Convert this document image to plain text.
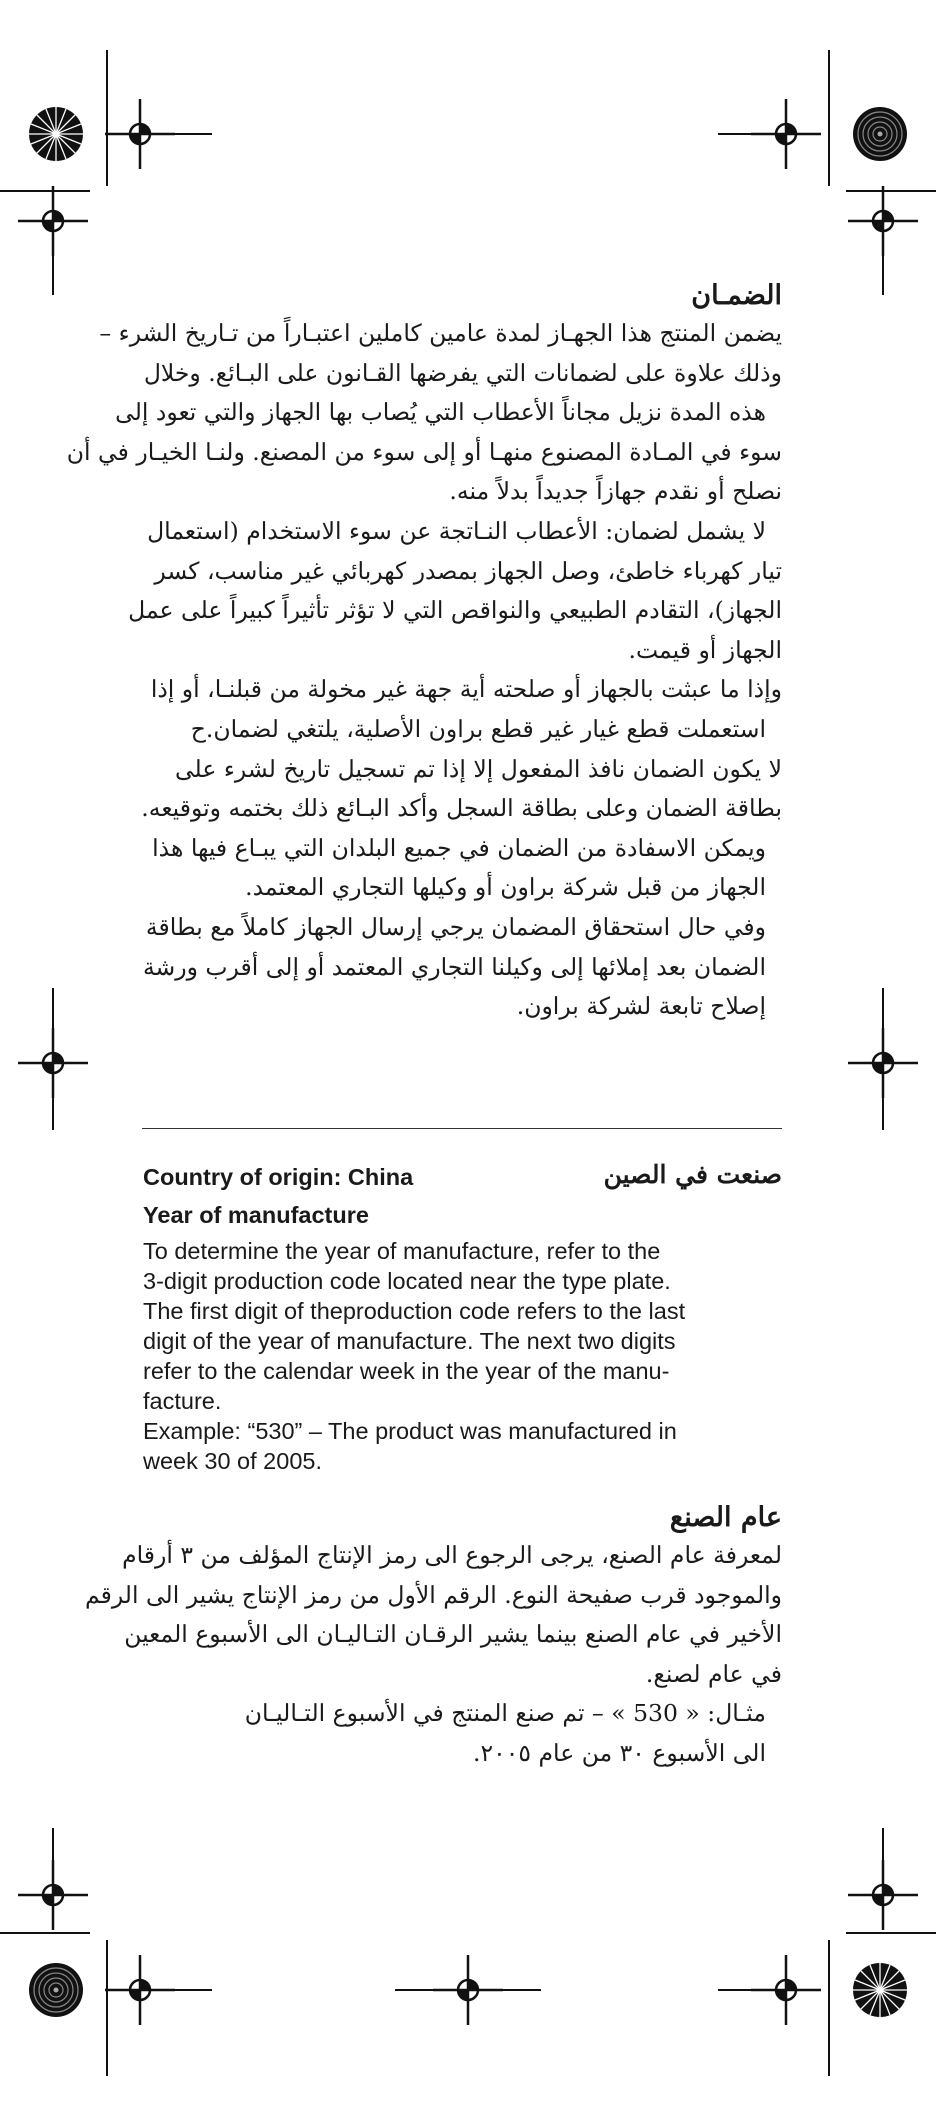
الضمـان
يضمن المنتج هذا الجهـاز لمدة عامين كاملين اعتبـاراً من تـاريخ الشرء –
وذلك علاوة على لضمانات التي يفرضها القـانون على البـائع. وخلال
هذه المدة نزيل مجاناً الأعطاب التي يُصاب بها الجهاز والتي تعود إلى
سوء في المـادة المصنوع منهـا أو إلى سوء من المصنع. ولنـا الخيـار في أن
نصلح أو نقدم جهازاً جديداً بدلاً منه.
لا يشمل لضمان: الأعطاب النـاتجة عن سوء الاستخدام (استعمال
تيار كهرباء خاطئ، وصل الجهاز بمصدر كهربائي غير مناسب، كسر
الجهاز)، التقادم الطبيعي والنواقص التي لا تؤثر تأثيراً كبيراً على عمل
الجهاز أو قيمت.
وإذا ما عبثت بالجهاز أو صلحته أية جهة غير مخولة من قبلنـا، أو إذا
استعملت قطع غيار غير قطع براون الأصلية، يلتغي لضمان.ح
لا يكون الضمان نافذ المفعول إلا إذا تم تسجيل تاريخ لشرء على
بطاقة الضمان وعلى بطاقة السجل وأكد البـائع ذلك بختمه وتوقيعه.
ويمكن الاسفادة من الضمان في جميع البلدان التي يبـاع فيها هذا
الجهاز من قبل شركة براون أو وكيلها التجاري المعتمد.
وفي حال استحقاق المضمان يرجي إرسال الجهاز كاملاً مع بطاقة
الضمان بعد إملائها إلى وكيلنا التجاري المعتمد أو إلى أقرب ورشة
إصلاح تابعة لشركة براون.
Country of origin: China	صنعت في الصين
Year of manufacture
To determine the year of manufacture, refer to the
3-digit production code located near the type plate.
The first digit of theproduction code refers to the last
digit of the year of manufacture. The next two digits
refer to the calendar week in the year of the manu-
facture.
Example: “530” – The product was manufactured in
week 30 of 2005.
عام الصنع
لمعرفة عام الصنع، يرجى الرجوع الى رمز الإنتاج المؤلف من ٣ أرقام
والموجود قرب صفيحة النوع. الرقم الأول من رمز الإنتاج يشير الى الرقم
الأخير في عام الصنع بينما يشير الرقـان التـاليـان الى الأسبوع المعين
في عام لصنع.
مثـال: « 530 » – تم صنع المنتج في الأسبوع التـاليـان
الى الأسبوع ٣٠ من عام ٢٠٠٥.
